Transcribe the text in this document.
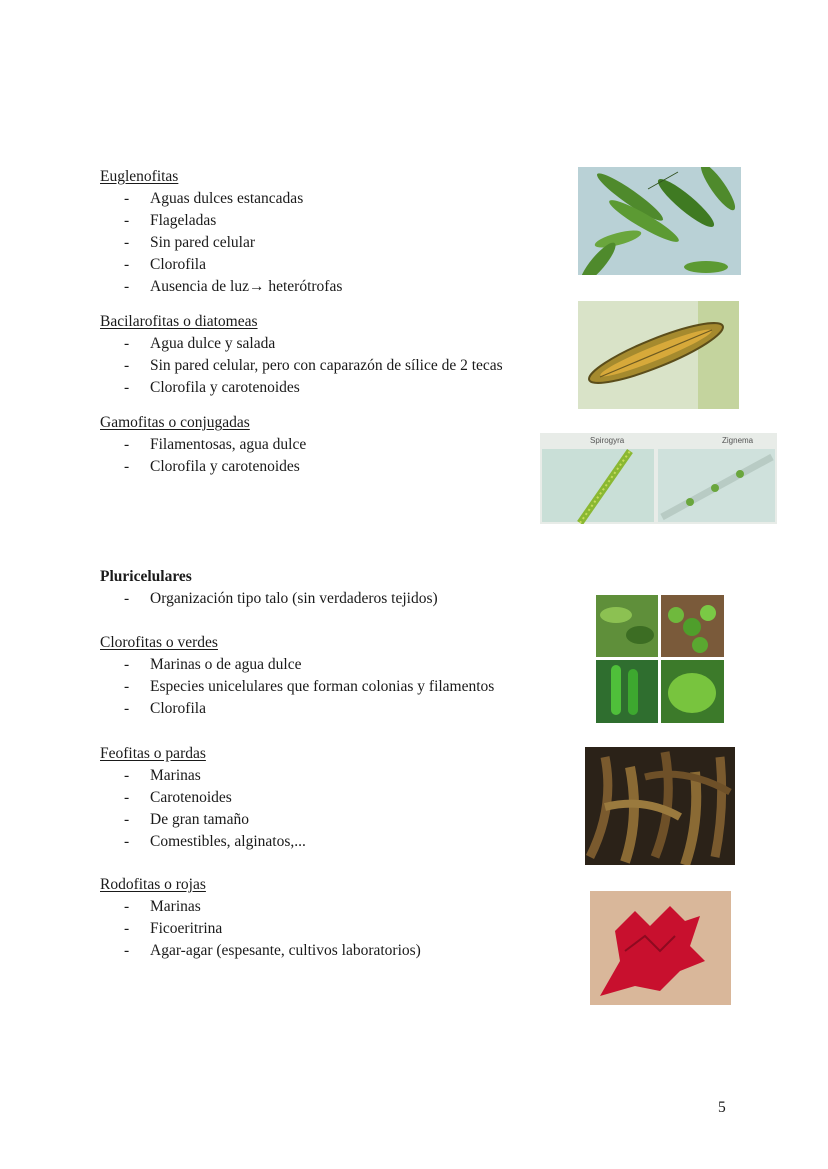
Euglenofitas
- Aguas dulces estancadas
- Flageladas
- Sin pared celular
- Clorofila
- Ausencia de luz→ heterótrofas
Bacilarofitas o diatomeas
- Agua dulce y salada
- Sin pared celular, pero con caparazón de sílice de 2 tecas
- Clorofila y carotenoides
Gamofitas o conjugadas
- Filamentosas, agua dulce
- Clorofila y carotenoides
Pluricelulares
- Organización tipo talo (sin verdaderos tejidos)
Clorofitas o verdes
- Marinas o de agua dulce
- Especies unicelulares que forman colonias y filamentos
- Clorofila
Feofitas o pardas
- Marinas
- Carotenoides
- De gran tamaño
- Comestibles, alginatos,...
Rodofitas o rojas
- Marinas
- Ficoeritrina
- Agar-agar (espesante, cultivos laboratorios)
Spirogyra	Zignema
5
